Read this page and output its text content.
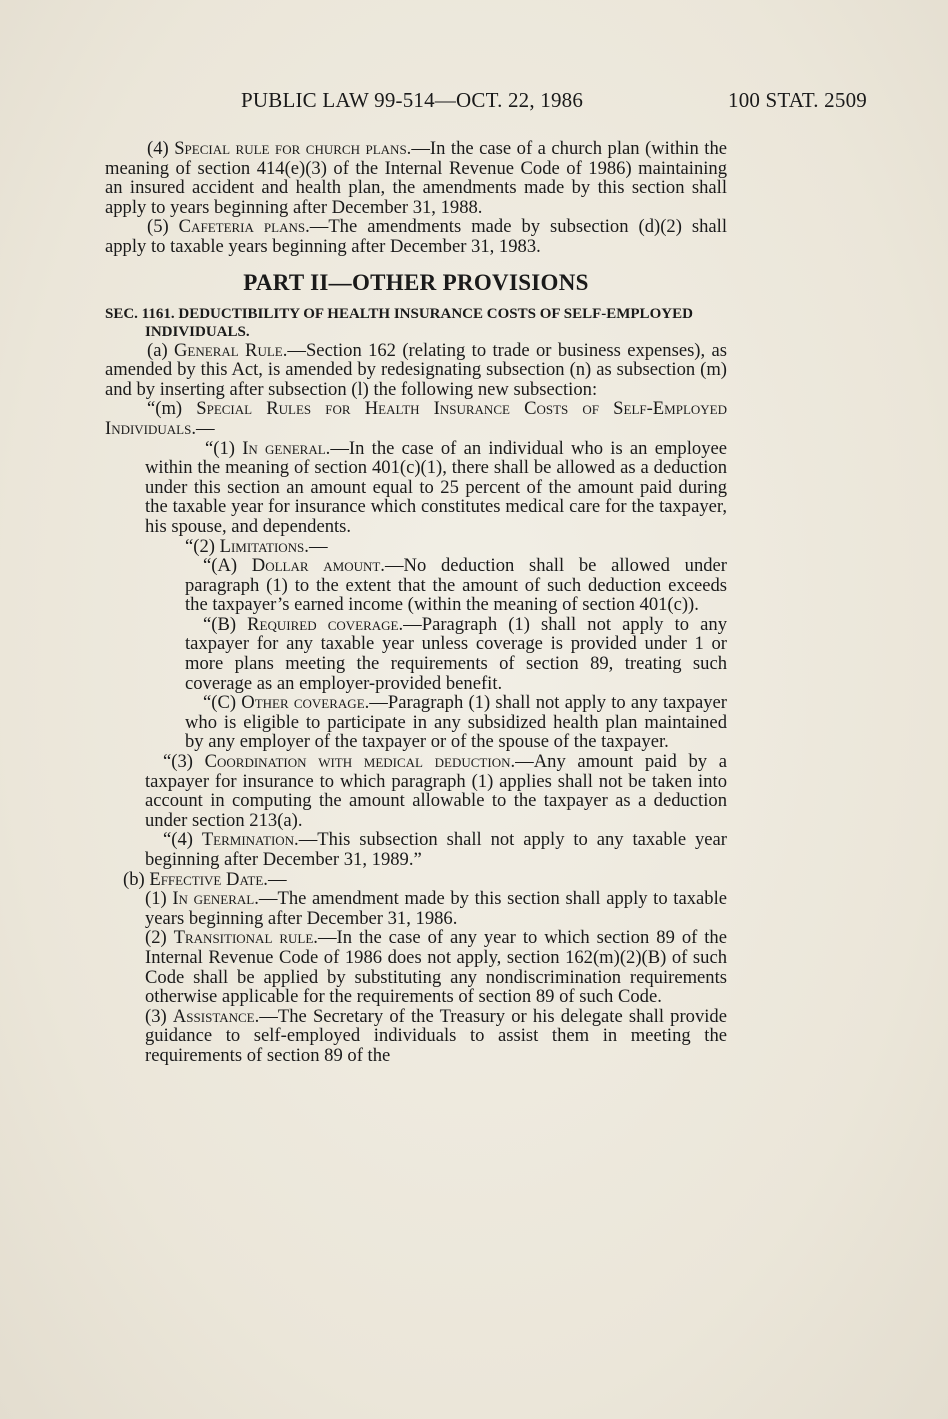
PUBLIC LAW 99-514—OCT. 22, 1986	100 STAT. 2509

(4) Special rule for church plans.—In the case of a church plan (within the meaning of section 414(e)(3) of the Internal Revenue Code of 1986) maintaining an insured accident and health plan, the amendments made by this section shall apply to years beginning after December 31, 1988.

(5) Cafeteria plans.—The amendments made by subsection (d)(2) shall apply to taxable years beginning after December 31, 1983.

PART II—OTHER PROVISIONS

SEC. 1161. DEDUCTIBILITY OF HEALTH INSURANCE COSTS OF SELF-EMPLOYED INDIVIDUALS.

(a) General Rule.—Section 162 (relating to trade or business expenses), as amended by this Act, is amended by redesignating subsection (n) as subsection (m) and by inserting after subsection (l) the following new subsection:

“(m) Special Rules for Health Insurance Costs of Self-Employed Individuals.—

“(1) In general.—In the case of an individual who is an employee within the meaning of section 401(c)(1), there shall be allowed as a deduction under this section an amount equal to 25 percent of the amount paid during the taxable year for insurance which constitutes medical care for the taxpayer, his spouse, and dependents.

“(2) Limitations.—

“(A) Dollar amount.—No deduction shall be allowed under paragraph (1) to the extent that the amount of such deduction exceeds the taxpayer’s earned income (within the meaning of section 401(c)).

“(B) Required coverage.—Paragraph (1) shall not apply to any taxpayer for any taxable year unless coverage is provided under 1 or more plans meeting the requirements of section 89, treating such coverage as an employer-provided benefit.

“(C) Other coverage.—Paragraph (1) shall not apply to any taxpayer who is eligible to participate in any subsidized health plan maintained by any employer of the taxpayer or of the spouse of the taxpayer.

“(3) Coordination with medical deduction.—Any amount paid by a taxpayer for insurance to which paragraph (1) applies shall not be taken into account in computing the amount allowable to the taxpayer as a deduction under section 213(a).

“(4) Termination.—This subsection shall not apply to any taxable year beginning after December 31, 1989.”

(b) Effective Date.—

(1) In general.—The amendment made by this section shall apply to taxable years beginning after December 31, 1986.

(2) Transitional rule.—In the case of any year to which section 89 of the Internal Revenue Code of 1986 does not apply, section 162(m)(2)(B) of such Code shall be applied by substituting any nondiscrimination requirements otherwise applicable for the requirements of section 89 of such Code.

(3) Assistance.—The Secretary of the Treasury or his delegate shall provide guidance to self-employed individuals to assist them in meeting the requirements of section 89 of the
